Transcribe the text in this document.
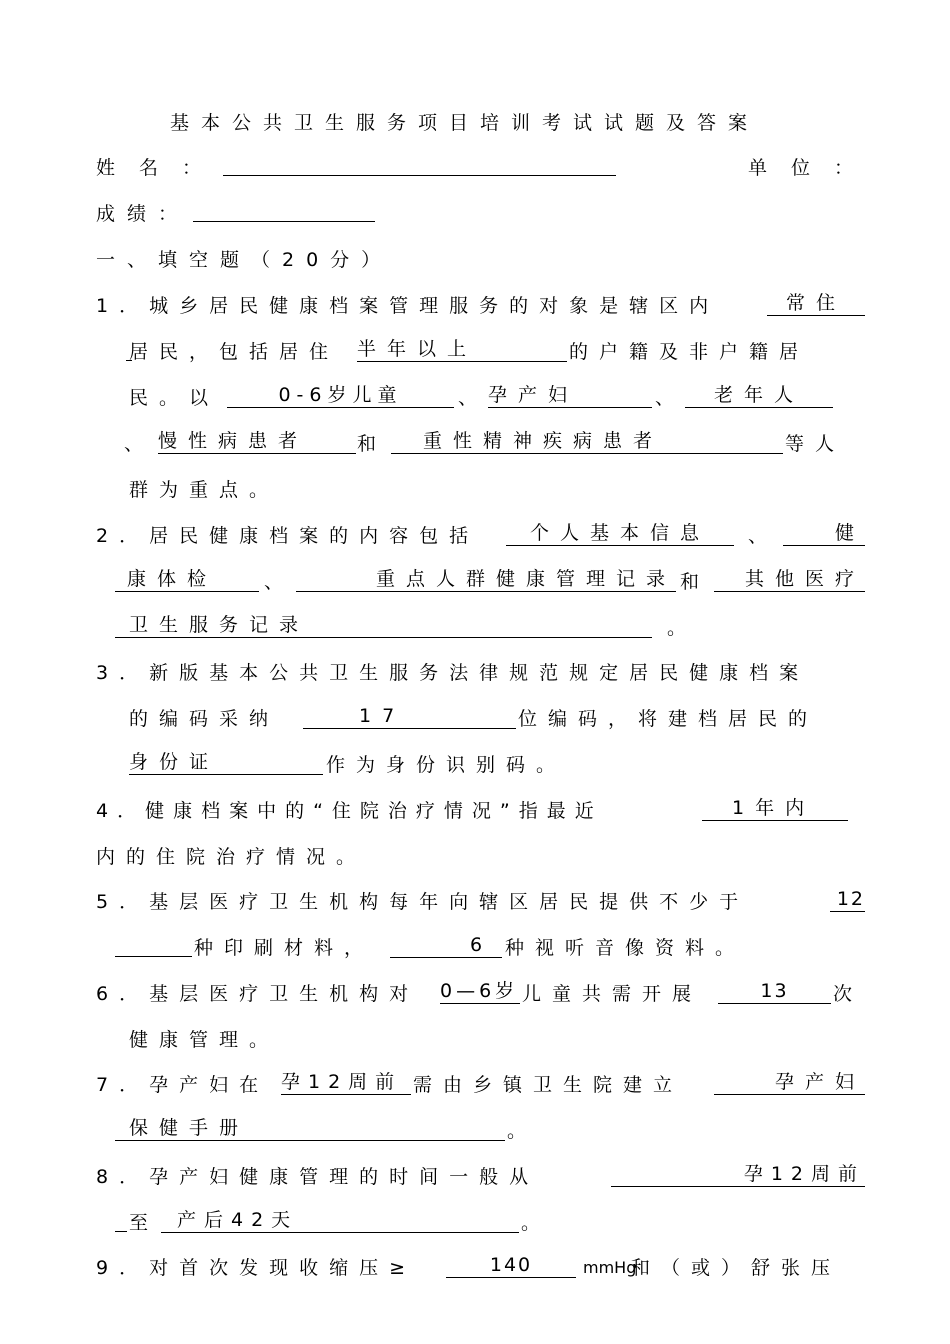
基本公共卫生服务项目培训考试试题及答案
姓名：	单位：
成绩：
一、填空题（20分）
1．城乡居民健康档案管理服务的对象是辖区内	常住
居民，包括居住 半年以上	的户籍及非户籍居
民。以	0-6岁儿童	、 孕产妇	、	老年人
、 慢性病患者	和	重性精神疾病患者	等人
群为重点。
2．居民健康档案的内容包括	个人基本信息	、	健
康体检	、	重点人群健康管理记录 和	其他医疗
卫生服务记录	。
3．新版基本公共卫生服务法律规范规定居民健康档案
的编码采纳	17	位编码，将建档居民的
身份证	作为身份识别码。
4．健康档案中的“住院治疗情况”指最近	1年内
内的住院治疗情况。
5．基层医疗卫生机构每年向辖区居民提供不少于	12
种印刷材料，	6 种视听音像资料。
6．基层医疗卫生机构对 0—6岁 儿童共需开展	13	次
健康管理。
7．孕产妇在 孕12周前 需由乡镇卫生院建立	孕产妇
保健手册	。
8．孕产妇健康管理的时间一般从	孕12周前
至 产后42天	。
9．对首次发现收缩压≥	140	mmHg
和（或）舒张压
